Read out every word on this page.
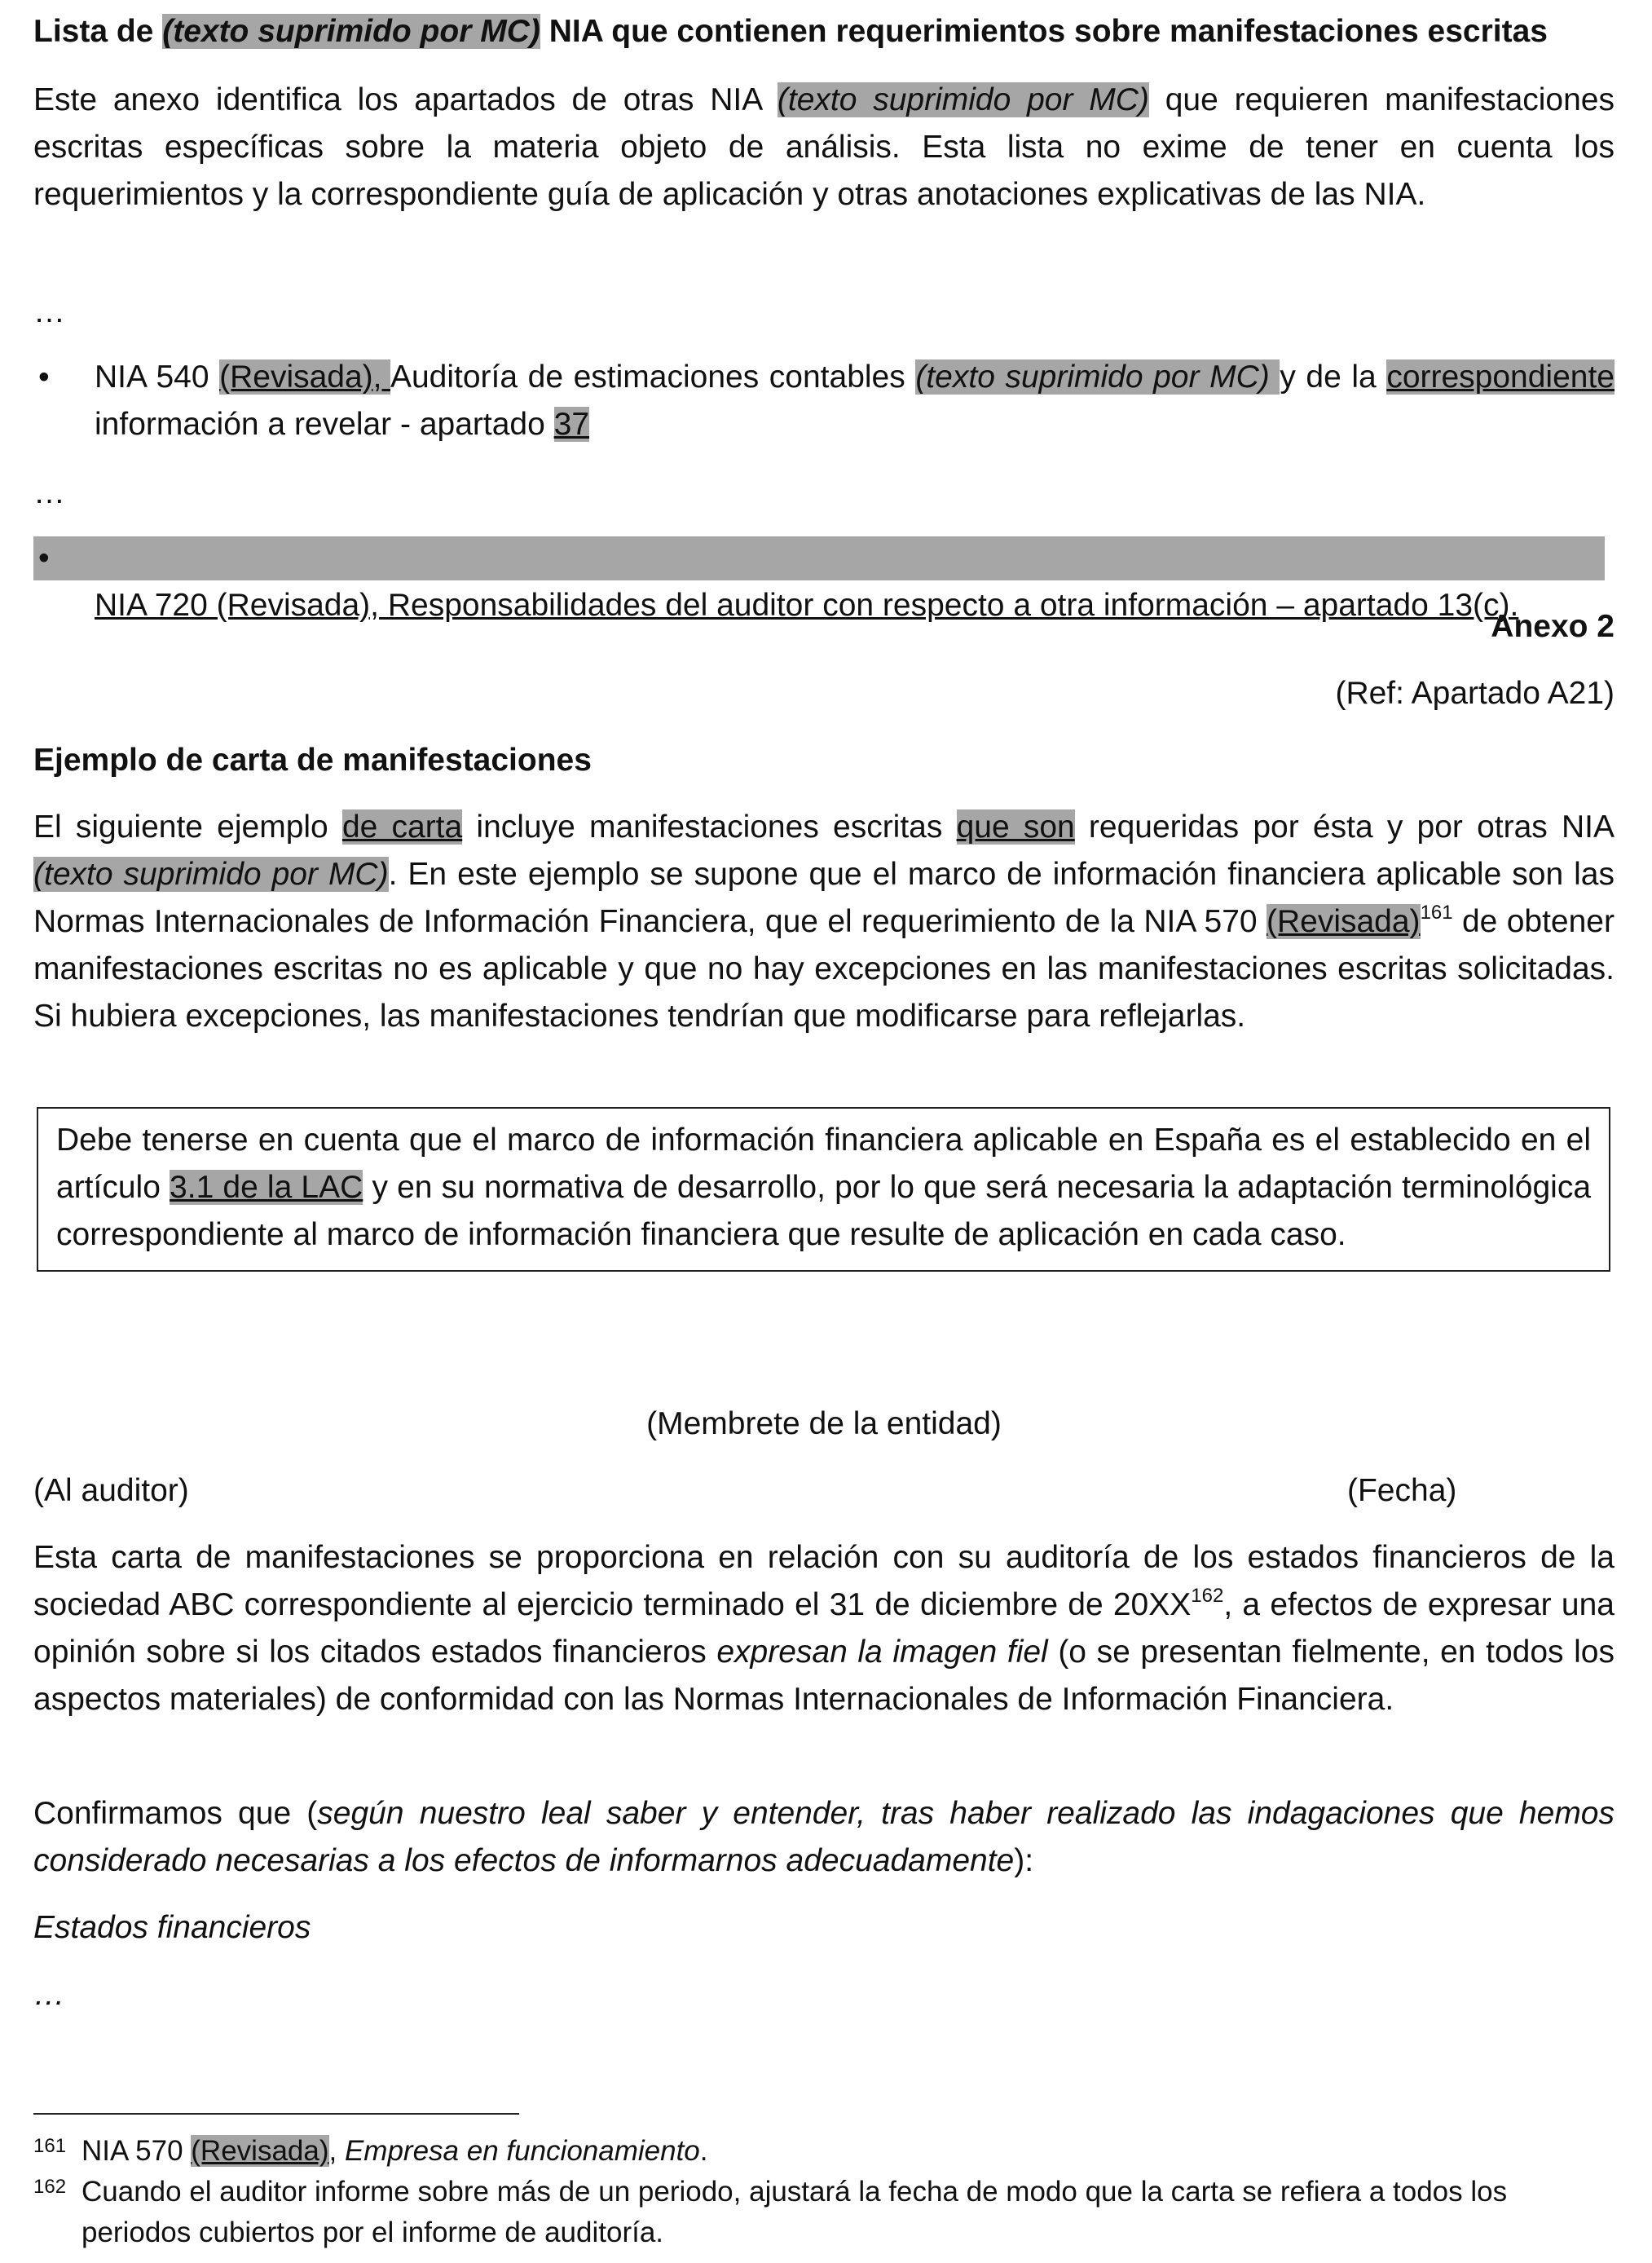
Lista de (texto suprimido por MC) NIA que contienen requerimientos sobre manifestaciones escritas

Este anexo identifica los apartados de otras NIA (texto suprimido por MC) que requieren manifestaciones escritas específicas sobre la materia objeto de análisis. Esta lista no exime de tener en cuenta los requerimientos y la correspondiente guía de aplicación y otras anotaciones explicativas de las NIA.

…

• NIA 540 (Revisada), Auditoría de estimaciones contables (texto suprimido por MC) y de la correspondiente información a revelar - apartado 37

…

•

NIA 720 (Revisada), Responsabilidades del auditor con respecto a otra información – apartado 13(c).

Anexo 2

(Ref: Apartado A21)

Ejemplo de carta de manifestaciones

El siguiente ejemplo de carta incluye manifestaciones escritas que son requeridas por ésta y por otras NIA (texto suprimido por MC). En este ejemplo se supone que el marco de información financiera aplicable son las Normas Internacionales de Información Financiera, que el requerimiento de la NIA 570 (Revisada)$^{161}$ de obtener manifestaciones escritas no es aplicable y que no hay excepciones en las manifestaciones escritas solicitadas. Si hubiera excepciones, las manifestaciones tendrían que modificarse para reflejarlas.

Debe tenerse en cuenta que el marco de información financiera aplicable en España es el establecido en el artículo 3.1 de la LAC y en su normativa de desarrollo, por lo que será necesaria la adaptación terminológica correspondiente al marco de información financiera que resulte de aplicación en cada caso.

(Membrete de la entidad)

(Al auditor)	(Fecha)

Esta carta de manifestaciones se proporciona en relación con su auditoría de los estados financieros de la sociedad ABC correspondiente al ejercicio terminado el 31 de diciembre de 20XX$^{162}$, a efectos de expresar una opinión sobre si los citados estados financieros expresan la imagen fiel (o se presentan fielmente, en todos los aspectos materiales) de conformidad con las Normas Internacionales de Información Financiera.

Confirmamos que (según nuestro leal saber y entender, tras haber realizado las indagaciones que hemos considerado necesarias a los efectos de informarnos adecuadamente):

Estados financieros

…

161 NIA 570 (Revisada), Empresa en funcionamiento.

162 Cuando el auditor informe sobre más de un periodo, ajustará la fecha de modo que la carta se refiera a todos los periodos cubiertos por el informe de auditoría.
